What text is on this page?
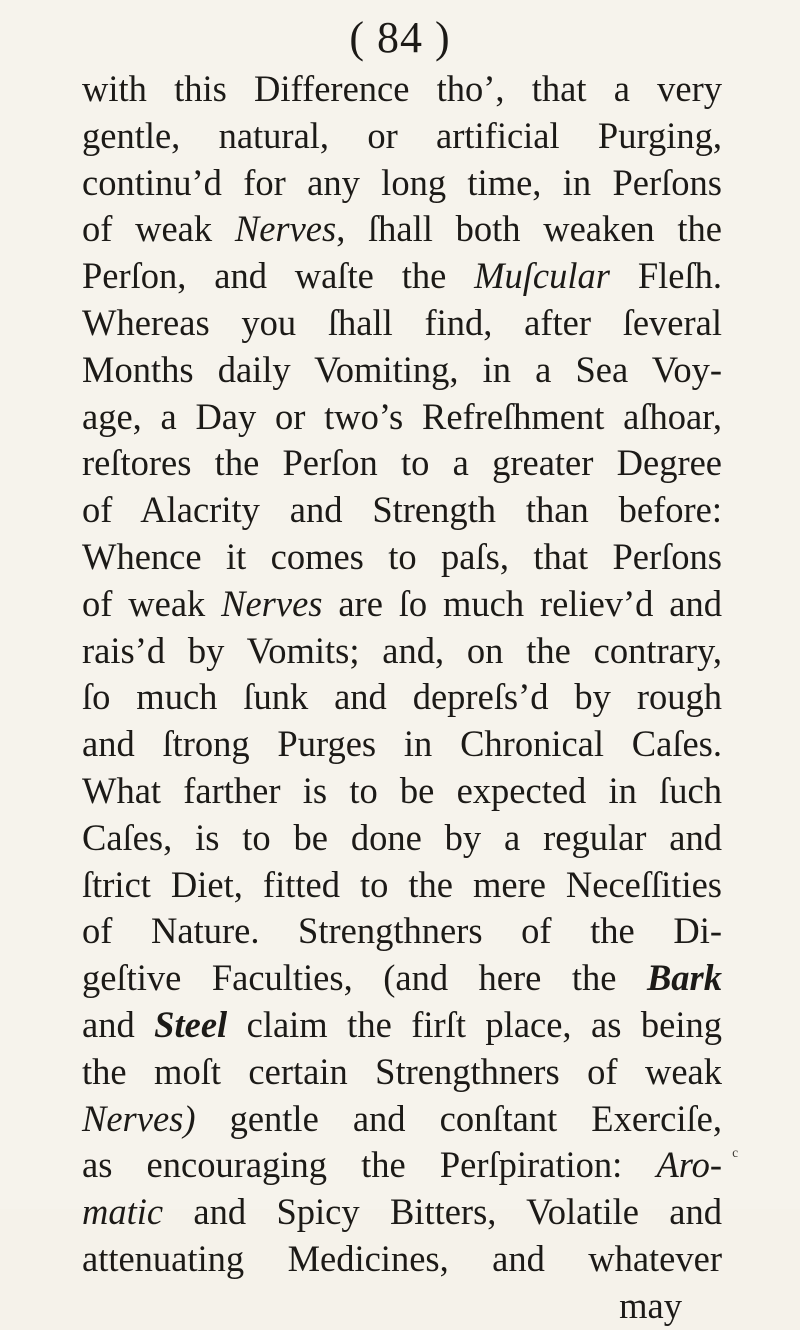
( 84 )
with this Difference tho’, that a very
gentle, natural, or artificial Purging,
continu’d for any long time, in Perſons
of weak Nerves, ſhall both weaken the
Perſon, and waſte the Muſcular Fleſh.
Whereas you ſhall find, after ſeveral
Months daily Vomiting, in a Sea Voy-
age, a Day or two’s Refreſhment aſhoar,
reſtores the Perſon to a greater Degree
of Alacrity and Strength than before:
Whence it comes to paſs, that Perſons
of weak Nerves are ſo much reliev’d and
rais’d by Vomits; and, on the contrary,
ſo much ſunk and depreſs’d by rough
and ſtrong Purges in Chronical Caſes.
What farther is to be expected in ſuch
Caſes, is to be done by a regular and
ſtrict Diet, fitted to the mere Neceſſities
of Nature. Strengthners of the Di-
geſtive Faculties, (and here the Bark
and Steel claim the firſt place, as being
the moſt certain Strengthners of weak
Nerves) gentle and conſtant Exerciſe,
as encouraging the Perſpiration: Aro-
matic and Spicy Bitters, Volatile and
attenuating Medicines, and whatever
may
ᶜ
